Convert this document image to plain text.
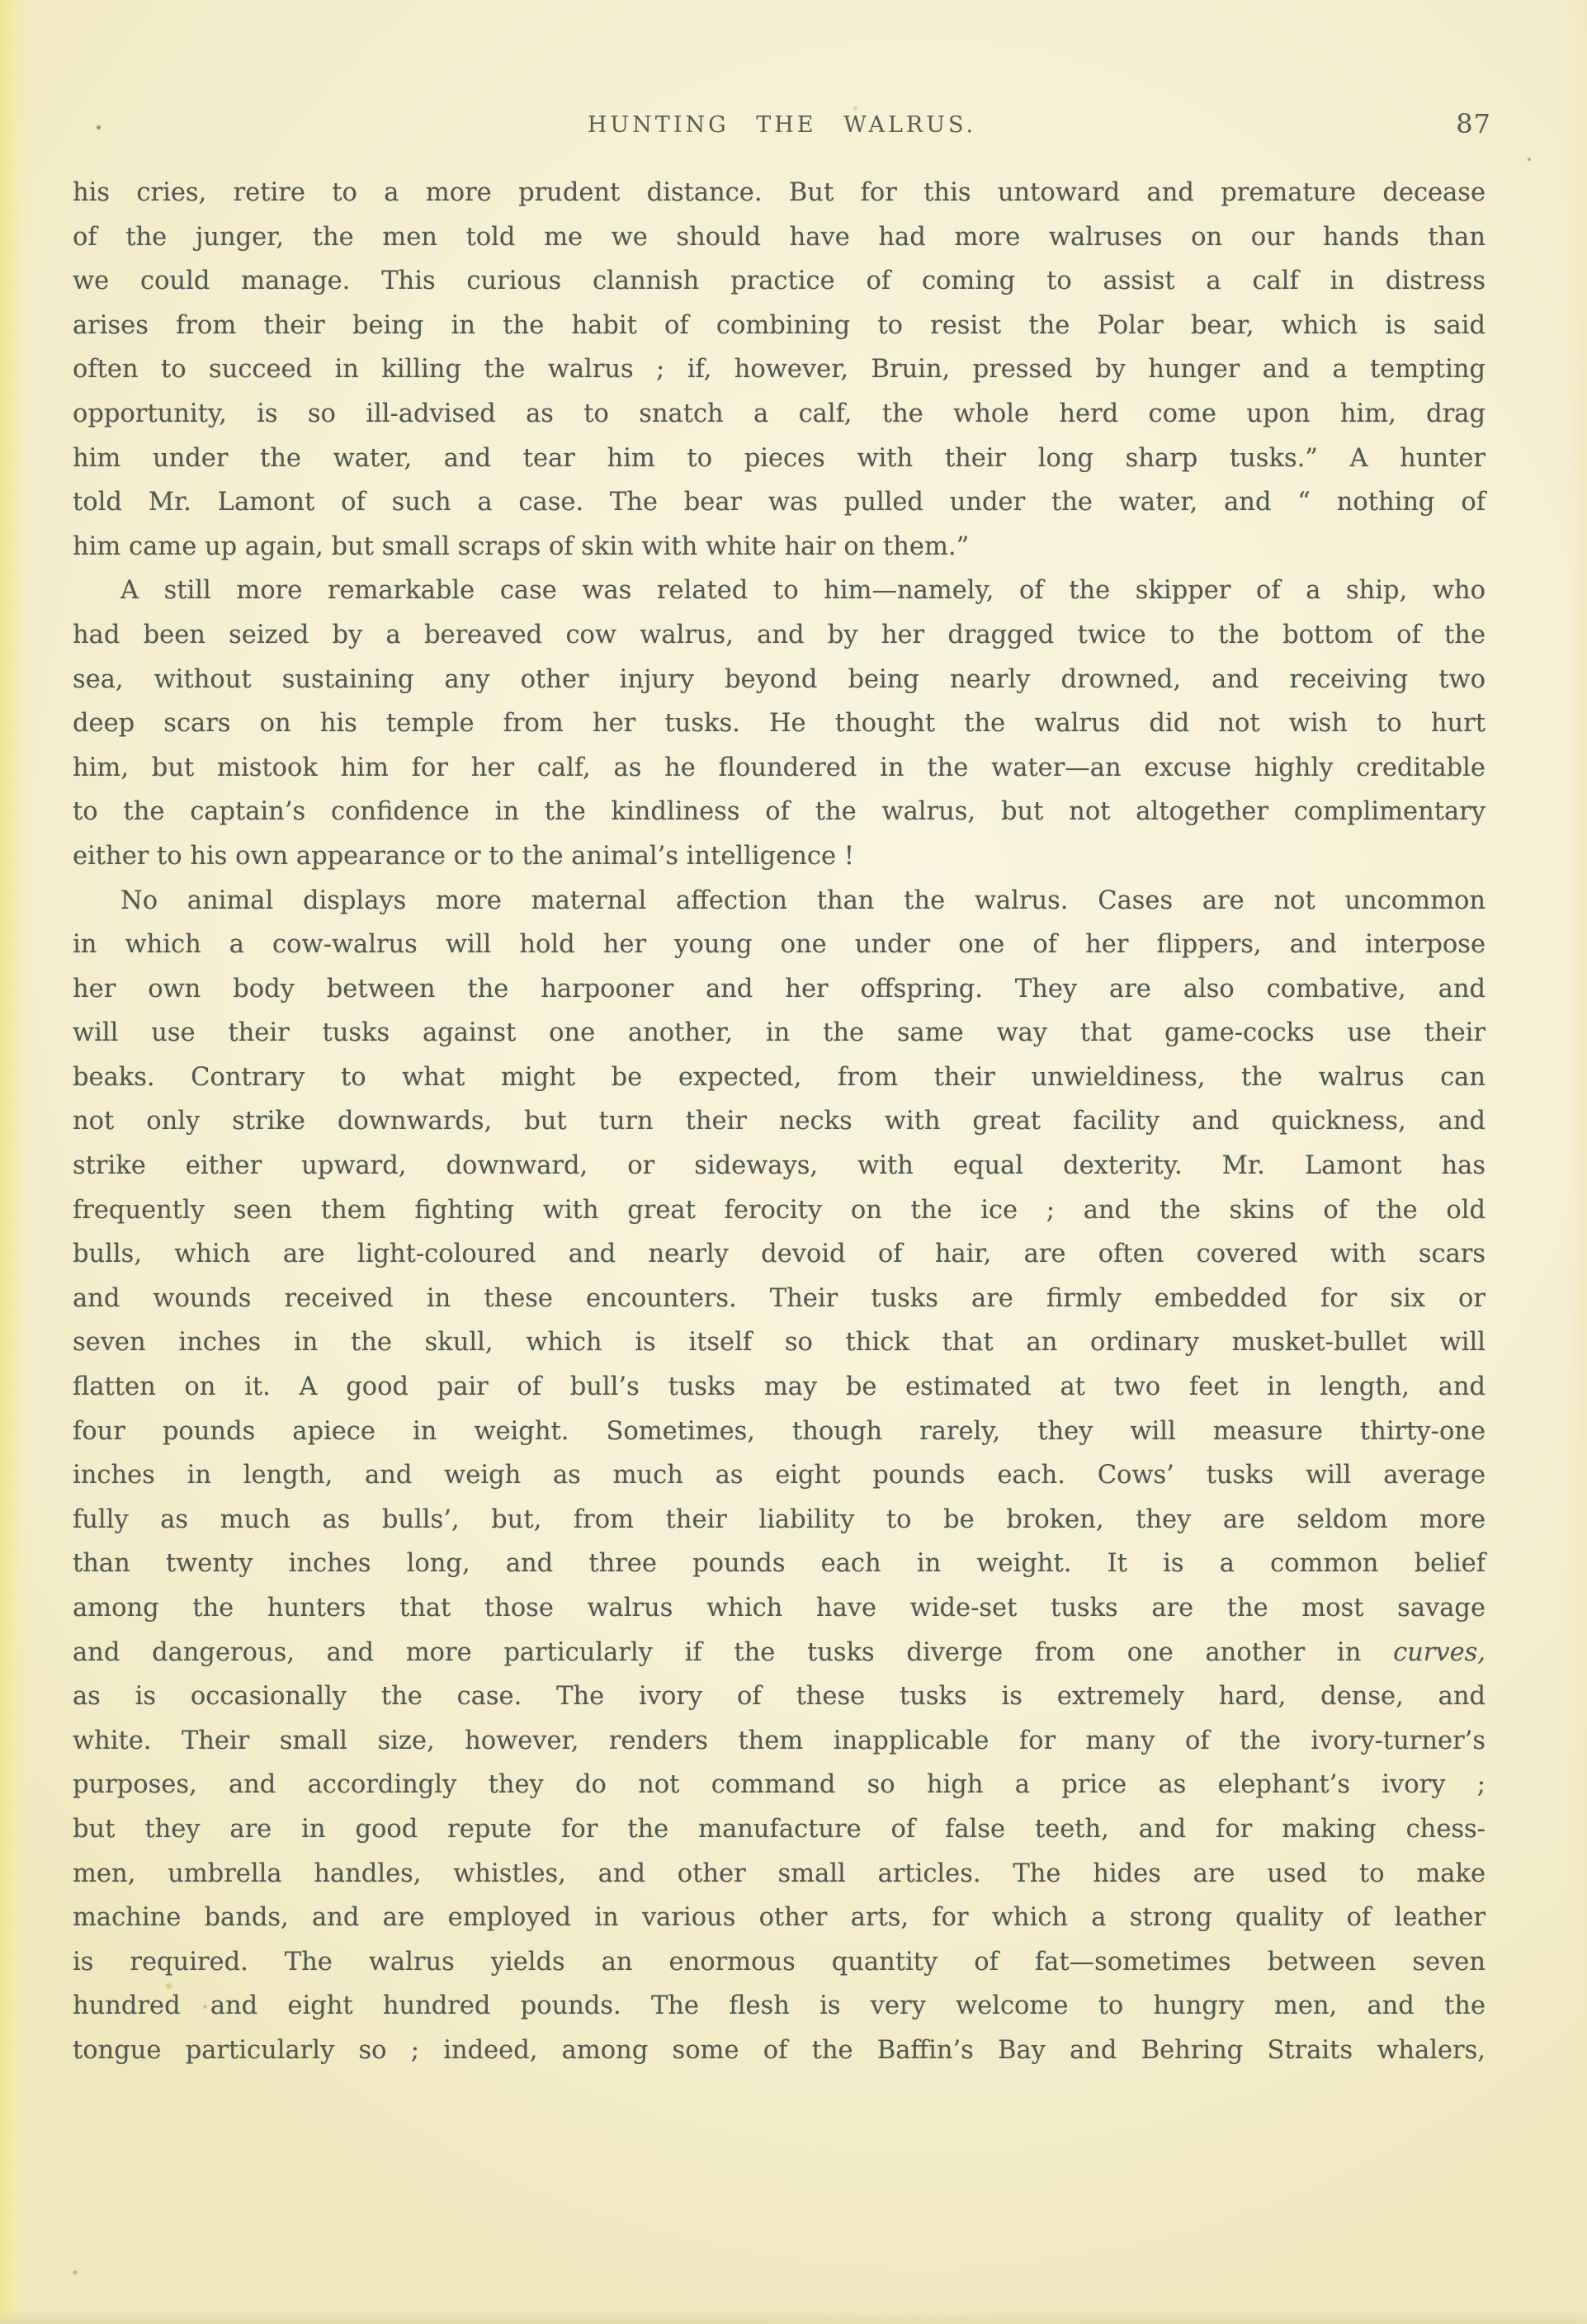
HUNTING THE WALRUS.	87
his cries, retire to a more prudent distance. But for this untoward and premature decease
of the junger, the men told me we should have had more walruses on our hands than
we could manage. This curious clannish practice of coming to assist a calf in distress
arises from their being in the habit of combining to resist the Polar bear, which is said
often to succeed in killing the walrus ; if, however, Bruin, pressed by hunger and a tempting
opportunity, is so ill-advised as to snatch a calf, the whole herd come upon him, drag
him under the water, and tear him to pieces with their long sharp tusks.” A hunter
told Mr. Lamont of such a case. The bear was pulled under the water, and “ nothing of
him came up again, but small scraps of skin with white hair on them.”
A still more remarkable case was related to him—namely, of the skipper of a ship, who
had been seized by a bereaved cow walrus, and by her dragged twice to the bottom of the
sea, without sustaining any other injury beyond being nearly drowned, and receiving two
deep scars on his temple from her tusks. He thought the walrus did not wish to hurt
him, but mistook him for her calf, as he floundered in the water—an excuse highly creditable
to the captain’s confidence in the kindliness of the walrus, but not altogether complimentary
either to his own appearance or to the animal’s intelligence !
No animal displays more maternal affection than the walrus. Cases are not uncommon
in which a cow-walrus will hold her young one under one of her flippers, and interpose
her own body between the harpooner and her offspring. They are also combative, and
will use their tusks against one another, in the same way that game-cocks use their
beaks. Contrary to what might be expected, from their unwieldiness, the walrus can
not only strike downwards, but turn their necks with great facility and quickness, and
strike either upward, downward, or sideways, with equal dexterity. Mr. Lamont has
frequently seen them fighting with great ferocity on the ice ; and the skins of the old
bulls, which are light-coloured and nearly devoid of hair, are often covered with scars
and wounds received in these encounters. Their tusks are firmly embedded for six or
seven inches in the skull, which is itself so thick that an ordinary musket-bullet will
flatten on it. A good pair of bull’s tusks may be estimated at two feet in length, and
four pounds apiece in weight. Sometimes, though rarely, they will measure thirty-one
inches in length, and weigh as much as eight pounds each. Cows’ tusks will average
fully as much as bulls’, but, from their liability to be broken, they are seldom more
than twenty inches long, and three pounds each in weight. It is a common belief
among the hunters that those walrus which have wide-set tusks are the most savage
and dangerous, and more particularly if the tusks diverge from one another in curves,
as is occasionally the case. The ivory of these tusks is extremely hard, dense, and
white. Their small size, however, renders them inapplicable for many of the ivory-turner’s
purposes, and accordingly they do not command so high a price as elephant’s ivory ;
but they are in good repute for the manufacture of false teeth, and for making chess-
men, umbrella handles, whistles, and other small articles. The hides are used to make
machine bands, and are employed in various other arts, for which a strong quality of leather
is required. The walrus yields an enormous quantity of fat—sometimes between seven
hundred and eight hundred pounds. The flesh is very welcome to hungry men, and the
tongue particularly so ; indeed, among some of the Baffin’s Bay and Behring Straits whalers,
